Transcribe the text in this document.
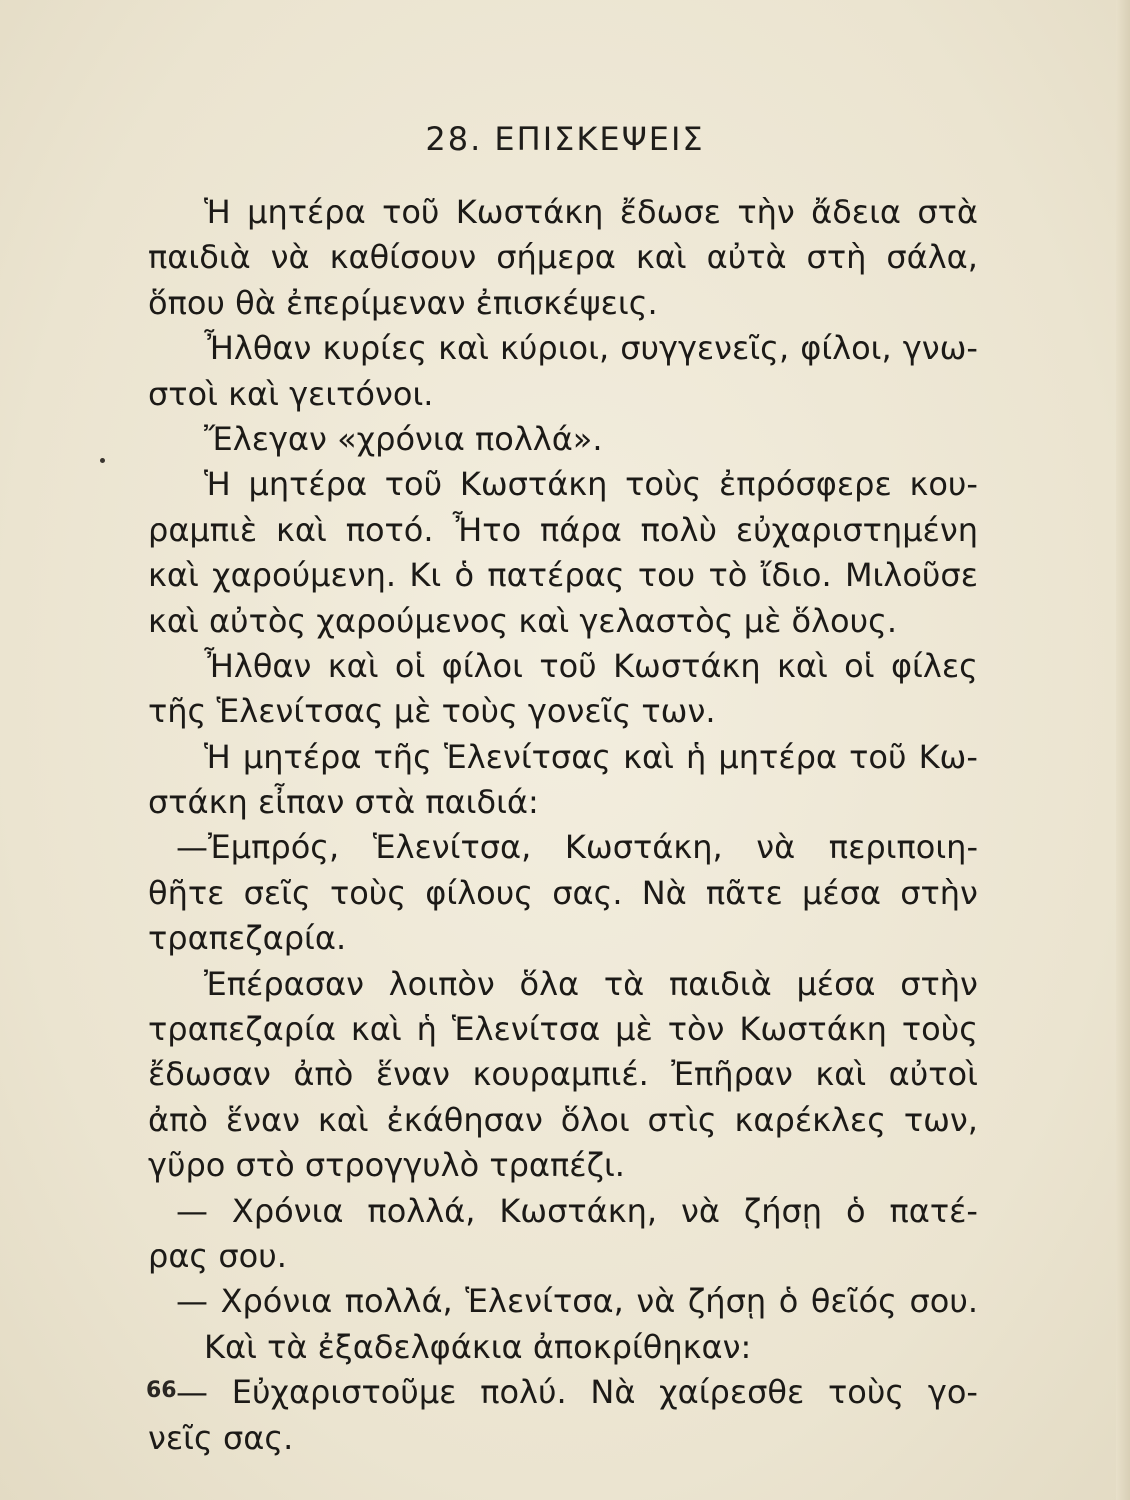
28. ΕΠΙΣΚΕΨΕΙΣ
Ἡ μητέρα τοῦ Κωστάκη ἔδωσε τὴν ἄδεια στὰ
παιδιὰ νὰ καθίσουν σήμερα καὶ αὐτὰ στὴ σάλα,
ὅπου θὰ ἐπερίμεναν ἐπισκέψεις.
Ἦλθαν κυρίες καὶ κύριοι, συγγενεῖς, φίλοι, γνω-
στοὶ καὶ γειτόνοι.
Ἔλεγαν «χρόνια πολλά».
Ἡ μητέρα τοῦ Κωστάκη τοὺς ἐπρόσφερε κου-
ραμπιὲ καὶ ποτό. Ἦτο πάρα πολὺ εὐχαριστημένη
καὶ χαρούμενη. Κι ὁ πατέρας του τὸ ἴδιο. Μιλοῦσε
καὶ αὐτὸς χαρούμενος καὶ γελαστὸς μὲ ὅλους.
Ἦλθαν καὶ οἱ φίλοι τοῦ Κωστάκη καὶ οἱ φίλες
τῆς Ἑλενίτσας μὲ τοὺς γονεῖς των.
Ἡ μητέρα τῆς Ἑλενίτσας καὶ ἡ μητέρα τοῦ Κω-
στάκη εἶπαν στὰ παιδιά:
—Ἐμπρός, Ἑλενίτσα, Κωστάκη, νὰ περιποιη-
θῆτε σεῖς τοὺς φίλους σας. Νὰ πᾶτε μέσα στὴν
τραπεζαρία.
Ἐπέρασαν λοιπὸν ὅλα τὰ παιδιὰ μέσα στὴν
τραπεζαρία καὶ ἡ Ἑλενίτσα μὲ τὸν Κωστάκη τοὺς
ἔδωσαν ἀπὸ ἕναν κουραμπιέ. Ἐπῆραν καὶ αὐτοὶ
ἀπὸ ἕναν καὶ ἐκάθησαν ὅλοι στὶς καρέκλες των,
γῦρο στὸ στρογγυλὸ τραπέζι.
— Χρόνια πολλά, Κωστάκη, νὰ ζήσῃ ὁ πατέ-
ρας σου.
— Χρόνια πολλά, Ἑλενίτσα, νὰ ζήσῃ ὁ θεῖός σου.
Καὶ τὰ ἐξαδελφάκια ἀποκρίθηκαν:
— Εὐχαριστοῦμε πολύ. Νὰ χαίρεσθε τοὺς γο-
νεῖς σας.
66
